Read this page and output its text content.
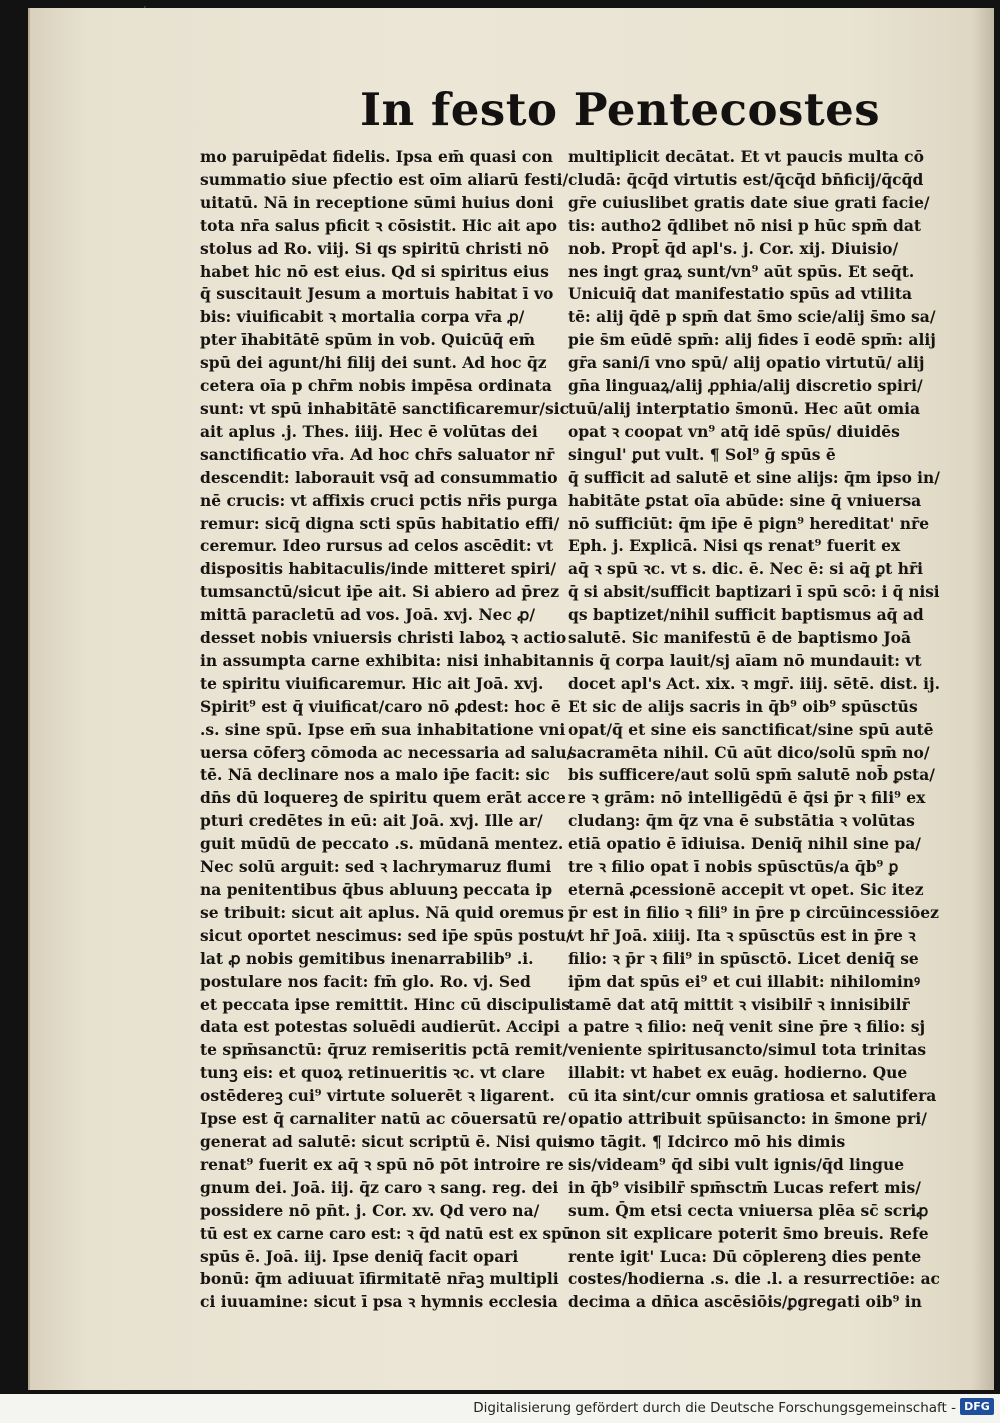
In festo Pentecostes
mo paruipēdat fidelis. Ipsa em̄ quasi con
summatio siue pfectio est oīm aliarū festi/
uitatū. Nā in receptione sūmi huius doni
tota nr̄a salus pficit ꝛ cōsistit. Hic ait apo
stolus ad Ro. viij. Si qs spiritū christi nō
habet hic nō est eius. Qd si spiritus eius
q̄ suscitauit Jesum a mortuis habitat ī vo
bis: viuificabit ꝛ mortalia corpa vr̄a ꝓ/
pter īhabitātē spūm in vob. Quicūq̄ em̄
spū dei agunt/hi filij dei sunt. Ad hoc q̄z
cetera oīa p chr̄m nobis impēsa ordinata
sunt: vt spū inhabitātē sanctificaremur/sic
ait aplus .j. Thes. iiij. Hec ē volūtas dei
sanctificatio vr̄a. Ad hoc chr̄s saluator nr̄
descendit: laborauit vsq̄ ad consummatio
nē crucis: vt affixis cruci pctis nr̄is purga
remur: sicq̄ digna scti spūs habitatio effi/
ceremur. Ideo rursus ad celos ascēdit: vt
dispositis habitaculis/inde mitteret spiri/
tumsanctū/sicut ip̄e ait. Si abiero ad p̄rez
mittā paracletū ad vos. Joā. xvj. Nec ꝓ/
desset nobis vniuersis christi laboꝝ ꝛ actio
in assumpta carne exhibita: nisi inhabitan
te spiritu viuificaremur. Hic ait Joā. xvj.
Spirit⁹ est q̄ viuificat/caro nō ꝓdest: hoc ē
.s. sine spū. Ipse em̄ sua inhabitatione vni
uersa cōferꝫ cōmoda ac necessaria ad salu/
tē. Nā declinare nos a malo ip̄e facit: sic
dn̄s dū loquereꝫ de spiritu quem erāt acce
pturi credētes in eū: ait Joā. xvj. Ille ar/
guit mūdū de peccato .s. mūdanā mentez.
Nec solū arguit: sed ꝛ lachrymaruz flumi
na penitentibus q̄bus abluunꝫ peccata ip
se tribuit: sicut ait aplus. Nā quid oremus
sicut oportet nescimus: sed ip̄e spūs postu/
lat ꝓ nobis gemitibus inenarrabilib⁹ .i.
postulare nos facit: fm̄ glo. Ro. vj. Sed
et peccata ipse remittit. Hinc cū discipulis
data est potestas soluēdi audierūt. Accipi
te spm̄sanctū: q̄ruz remiseritis pctā remit/
tunꝫ eis: et quoꝝ retinueritis ꝛc. vt clare
ostēdereꝫ cui⁹ virtute soluerēt ꝛ ligarent.
Ipse est q̄ carnaliter natū ac cōuersatū re/
generat ad salutē: sicut scriptū ē. Nisi quis
renat⁹ fuerit ex aq̄ ꝛ spū nō pōt introire re
gnum dei. Joā. iij. q̄z caro ꝛ sang. reg. dei
possidere nō pn̄t. j. Cor. xv. Qd vero na/
tū est ex carne caro est: ꝛ q̄d natū est ex spū
spūs ē. Joā. iij. Ipse deniq̄ facit opari
bonū: q̄m adiuuat īfirmitatē nr̄aꝫ multipli
ci iuuamine: sicut ī psa ꝛ hymnis ecclesia
multiplicit decātat. Et vt paucis multa cō
cludā: q̄cq̄d virtutis est/q̄cq̄d bn̄ficij/q̄cq̄d
gr̄e cuiuslibet gratis date siue grati facie/
tis: autho2 q̄dlibet nō nisi p hūc spm̄ dat
nob. Propt̄ q̄d apl's. j. Cor. xij. Diuisio/
nes ingt graꝝ sunt/vn⁹ aūt spūs. Et seq̄t.
Unicuiq̄ dat manifestatio spūs ad vtilita
tē: alij q̄dē p spm̄ dat s̄mo scie/alij s̄mo sa/
pie s̄m eūdē spm̄: alij fides ī eodē spm̄: alij
gr̄a sani/ī vno spū/ alij opatio virtutū/ alij
gn̄a linguaꝝ/alij ꝓphia/alij discretio spiri/
tuū/alij interptatio s̄monū. Hec aūt omia
opat ꝛ coopat vn⁹ atq̄ idē spūs/ diuidēs
singul' ꝑut vult. ¶ Sol⁹ ḡ spūs ē
q̄ sufficit ad salutē et sine alijs: q̄m ipso in/
habitāte ꝑstat oīa abūde: sine q̄ vniuersa
nō sufficiūt: q̄m ip̄e ē pign⁹ hereditat' nr̄e
Eph. j. Explicā. Nisi qs renat⁹ fuerit ex
aq̄ ꝛ spū ꝛc. vt s. dic. ē. Nec ē: si aq̄ ꝑt hr̄i
q̄ si absit/sufficit baptizari ī spū scō: i q̄ nisi
qs baptizet/nihil sufficit baptismus aq̄ ad
salutē. Sic manifestū ē de baptismo Joā
nis q̄ corpa lauit/sj aīam nō mundauit: vt
docet apl's Act. xix. ꝛ mgr̄. iiij. sētē. dist. ij.
Et sic de alijs sacris in q̄b⁹ oib⁹ spūsctūs
opat/q̄ et sine eis sanctificat/sine spū autē
sacramēta nihil. Cū aūt dico/solū spm̄ no/
bis sufficere/aut solū spm̄ salutē nob̄ ꝑsta/
re ꝛ grām: nō intelligēdū ē q̄si p̄r ꝛ fili⁹ ex
cludanꝫ: q̄m q̄z vna ē substātia ꝛ volūtas
etiā opatio ē īdiuisa. Deniq̄ nihil sine pa/
tre ꝛ filio opat ī nobis spūsctūs/a q̄b⁹ ꝑ
eternā ꝓcessionē accepit vt opet. Sic itez
p̄r est in filio ꝛ fili⁹ in p̄re p circūincessiōez
vt hr̄ Joā. xiiij. Ita ꝛ spūsctūs est in p̄re ꝛ
filio: ꝛ p̄r ꝛ fili⁹ in spūsctō. Licet deniq̄ se
ip̄m dat spūs ei⁹ et cui illabit: nihilominꝰ
tamē dat atq̄ mittit ꝛ visibilr̄ ꝛ innisibilr̄
a patre ꝛ filio: neq̄ venit sine p̄re ꝛ filio: sj
veniente spiritusancto/simul tota trinitas
illabit: vt habet ex euāg. hodierno. Que
cū ita sint/cur omnis gratiosa et salutifera
opatio attribuit spūisancto: in s̄mone pri/
mo tāgit. ¶ Idcirco mō his dimis
sis/videam⁹ q̄d sibi vult ignis/q̄d lingue
in q̄b⁹ visibilr̄ spm̄sctm̄ Lucas refert mis/
sum. Q̄m etsi cecta vniuersa plēa sc̄ scriꝓ
non sit explicare poterit s̄mo breuis. Refe
rente igit' Luca: Dū cōplerenꝫ dies pente
costes/hodierna .s. die .l. a resurrectiōe: ac
decima a dn̄ica ascēsiōis/ꝑgregati oib⁹ in
Digitalisierung gefördert durch die Deutsche Forschungsgemeinschaft - DFG
